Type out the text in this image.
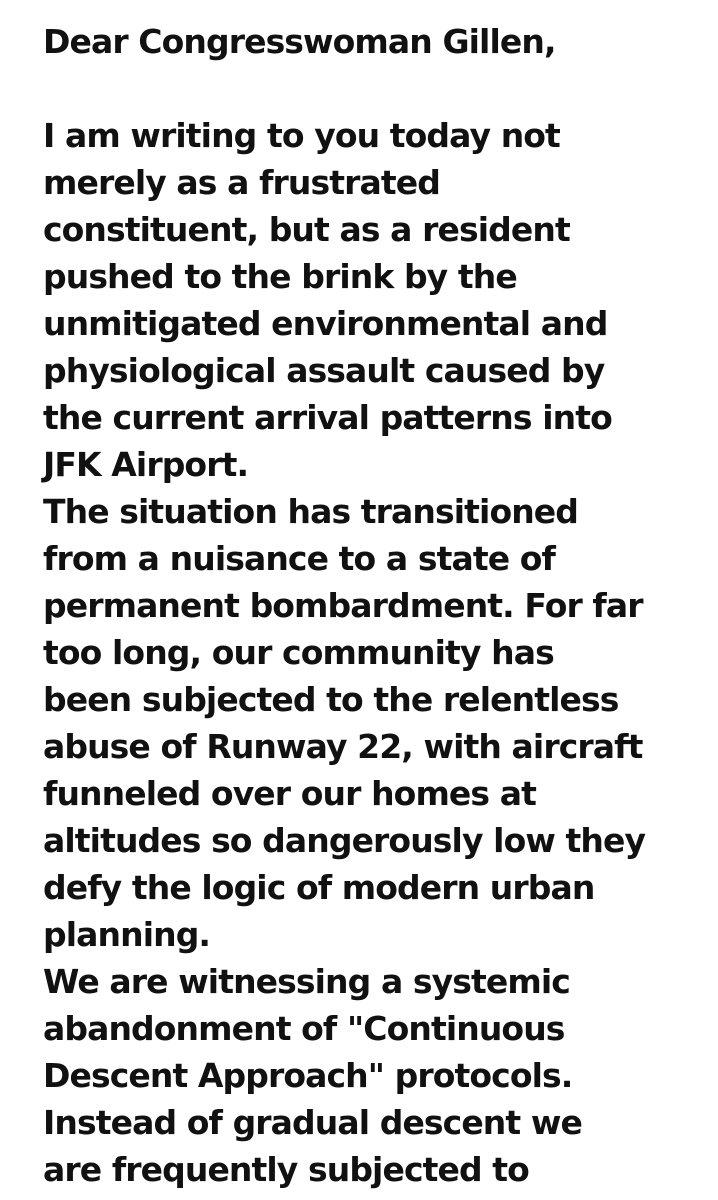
Dear Congresswoman Gillen,
I am writing to you today not
merely as a frustrated
constituent, but as a resident
pushed to the brink by the
unmitigated environmental and
physiological assault caused by
the current arrival patterns into
JFK Airport.
The situation has transitioned
from a nuisance to a state of
permanent bombardment. For far
too long, our community has
been subjected to the relentless
abuse of Runway 22, with aircraft
funneled over our homes at
altitudes so dangerously low they
defy the logic of modern urban
planning.
We are witnessing a systemic
abandonment of "Continuous
Descent Approach" protocols.
Instead of gradual descent we
are frequently subjected to
